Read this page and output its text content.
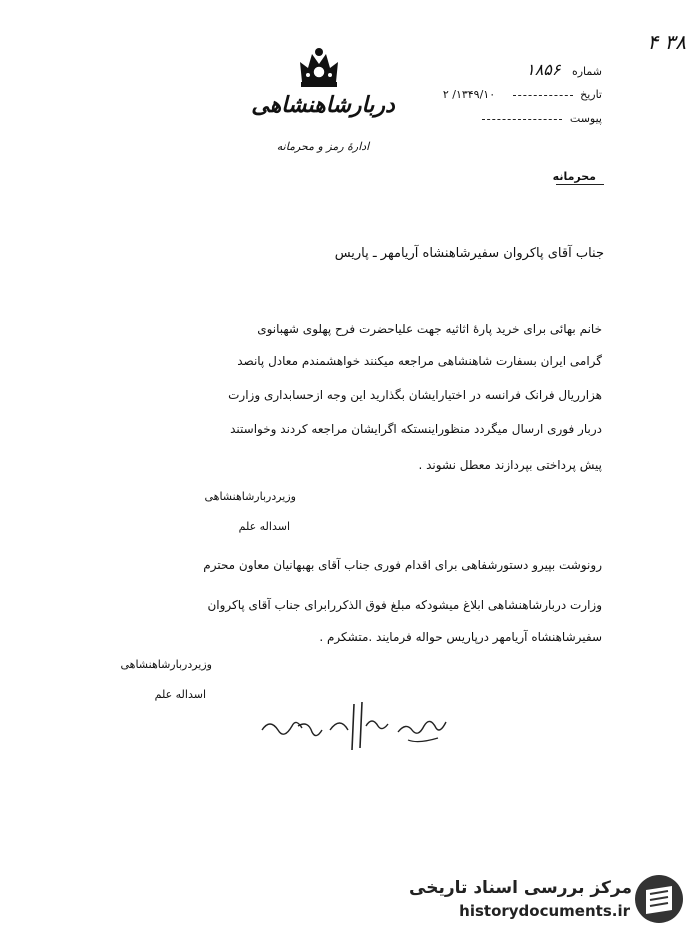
۳۸ ۴
دربارشاهنشاهی
ادارهٔ رمز و محرمانه
شماره ۱۸۵۶
تاریخ  ۱۳۴۹/۱۰/ ۲
پیوست
محرمانه
جناب آقای پاکروان سفیرشاهنشاه آریامهر ـ پاریس
خانم بهائی برای خرید پارهٔ اثاثیه جهت علیاحضرت فرح پهلوی شهبانوی
گرامی ایران بسفارت شاهنشاهی مراجعه میکنند خواهشمندم معادل پانصد
هزارریال فرانک فرانسه در اختیارایشان بگذارید این وجه ازحسابداری وزارت
دربار فوری ارسال میگردد منظوراینستکه اگرایشان مراجعه کردند وخواستند
پیش پرداختی بپردازند معطل نشوند .
وزیردربارشاهنشاهی
اسداله علم
رونوشت بپیرو دستورشفاهی برای اقدام فوری جناب آقای بهبهانیان معاون محترم
وزارت دربارشاهنشاهی ابلاغ میشودکه مبلغ فوق الذکررابرای جناب آقای پاکروان
سفیرشاهنشاه آریامهر درپاریس حواله فرمایند .متشکرم .
وزیردربارشاهنشاهی
اسداله علم
مرکز بررسی اسناد تاریخی
historydocuments.ir
